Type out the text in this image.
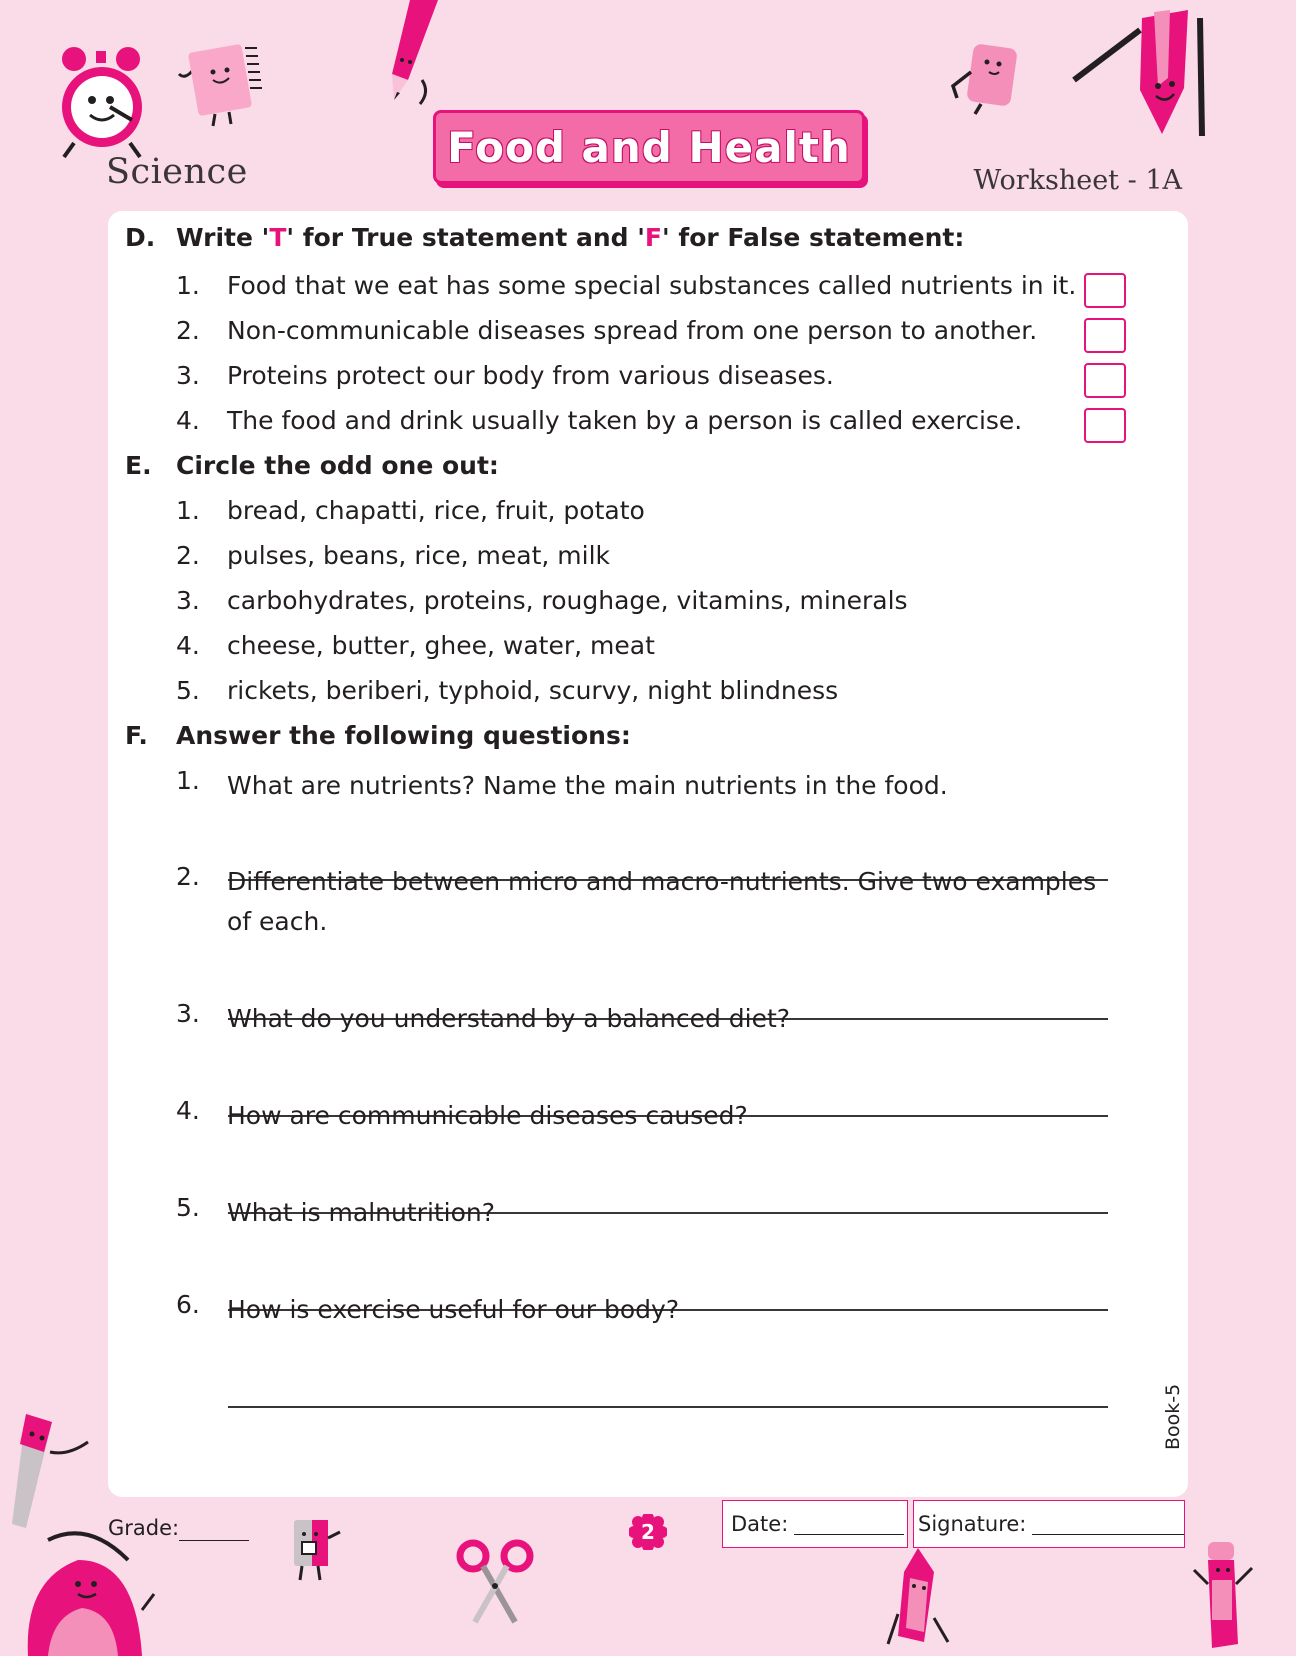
Science
Food and Health
Worksheet - 1A
D. Write 'T' for True statement and 'F' for False statement:
1. Food that we eat has some special substances called nutrients in it.
2. Non-communicable diseases spread from one person to another.
3. Proteins protect our body from various diseases.
4. The food and drink usually taken by a person is called exercise.
E. Circle the odd one out:
1. bread, chapatti, rice, fruit, potato
2. pulses, beans, rice, meat, milk
3. carbohydrates, proteins, roughage, vitamins, minerals
4. cheese, butter, ghee, water, meat
5. rickets, beriberi, typhoid, scurvy, night blindness
F. Answer the following questions:
1. What are nutrients? Name the main nutrients in the food.
2. Differentiate between micro and macro-nutrients. Give two examples of each.
3. What do you understand by a balanced diet?
4. How are communicable diseases caused?
5. What is malnutrition?
6. How is exercise useful for our body?
Book-5
2
Grade:	Date:	Signature:
